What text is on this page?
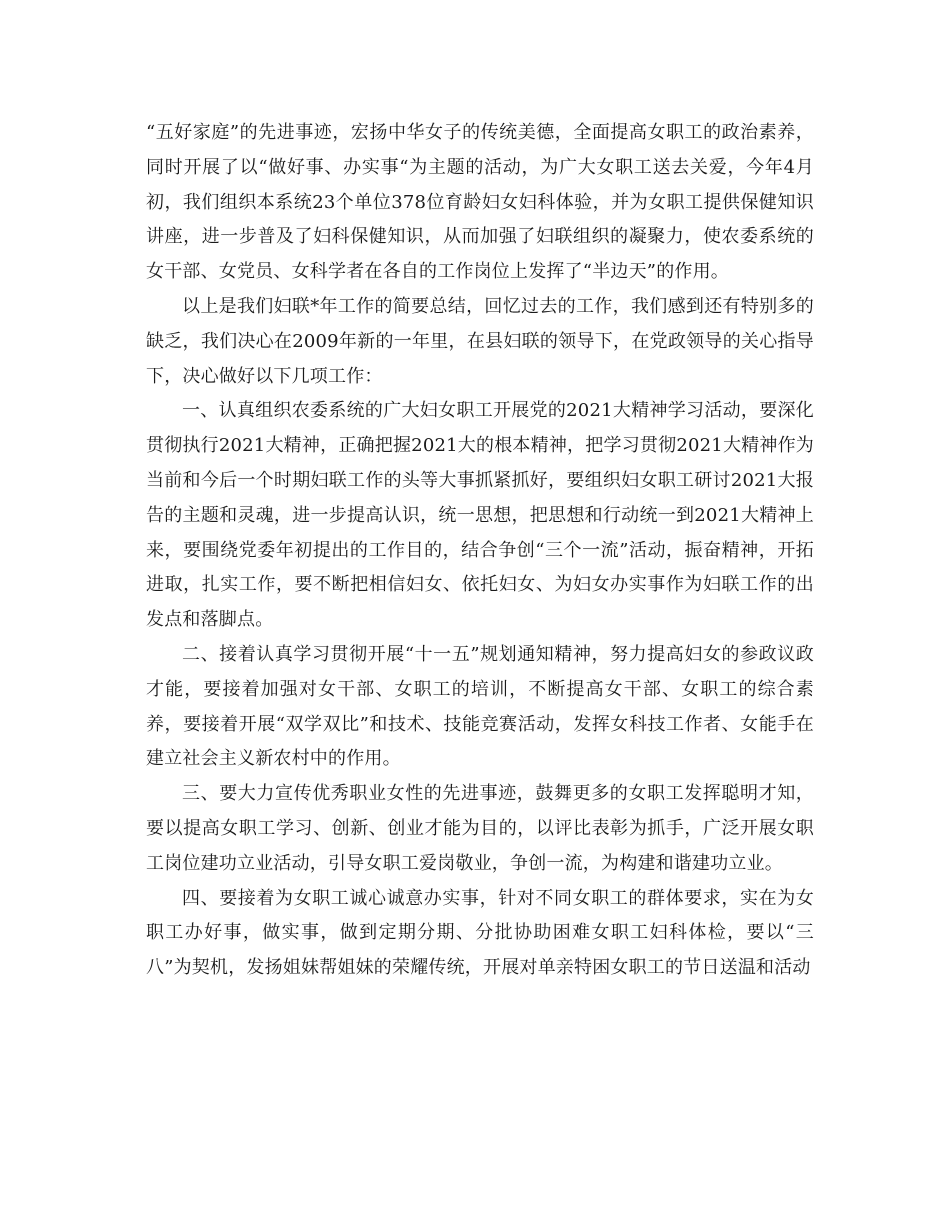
“五好家庭”的先进事迹，宏扬中华女子的传统美德，全面提高女职工的政治素养，同时开展了以“做好事、办实事“为主题的活动，为广大女职工送去关爱，今年4月初，我们组织本系统23个单位378位育龄妇女妇科体验，并为女职工提供保健知识讲座，进一步普及了妇科保健知识，从而加强了妇联组织的凝聚力，使农委系统的女干部、女党员、女科学者在各自的工作岗位上发挥了“半边天”的作用。

以上是我们妇联*年工作的简要总结，回忆过去的工作，我们感到还有特别多的缺乏，我们决心在2009年新的一年里，在县妇联的领导下，在党政领导的关心指导下，决心做好以下几项工作：

一、认真组织农委系统的广大妇女职工开展党的2021大精神学习活动，要深化贯彻执行2021大精神，正确把握2021大的根本精神，把学习贯彻2021大精神作为当前和今后一个时期妇联工作的头等大事抓紧抓好，要组织妇女职工研讨2021大报告的主题和灵魂，进一步提高认识，统一思想，把思想和行动统一到2021大精神上来，要围绕党委年初提出的工作目的，结合争创“三个一流”活动，振奋精神，开拓进取，扎实工作，要不断把相信妇女、依托妇女、为妇女办实事作为妇联工作的出发点和落脚点。

二、接着认真学习贯彻开展“十一五”规划通知精神，努力提高妇女的参政议政才能，要接着加强对女干部、女职工的培训，不断提高女干部、女职工的综合素养，要接着开展“双学双比”和技术、技能竞赛活动，发挥女科技工作者、女能手在建立社会主义新农村中的作用。

三、要大力宣传优秀职业女性的先进事迹，鼓舞更多的女职工发挥聪明才知，要以提高女职工学习、创新、创业才能为目的，以评比表彰为抓手，广泛开展女职工岗位建功立业活动，引导女职工爱岗敬业，争创一流，为构建和谐建功立业。

四、要接着为女职工诚心诚意办实事，针对不同女职工的群体要求，实在为女职工办好事，做实事，做到定期分期、分批协助困难女职工妇科体检，要以“三八”为契机，发扬姐妹帮姐妹的荣耀传统，开展对单亲特困女职工的节日送温和活动
